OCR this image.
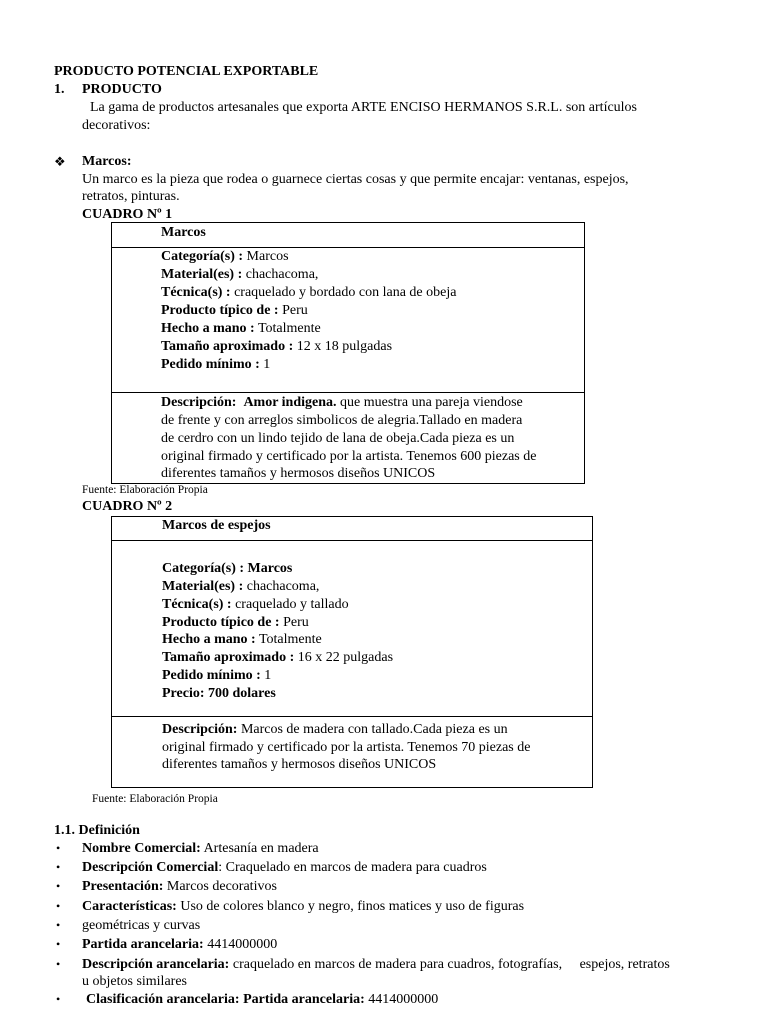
PRODUCTO POTENCIAL EXPORTABLE
1. PRODUCTO
La gama de productos artesanales que exporta ARTE ENCISO HERMANOS S.R.L. son artículos
decorativos:
❖ Marcos:
Un marco es la pieza que rodea o guarnece ciertas cosas y que permite encajar: ventanas, espejos,
retratos, pinturas.
CUADRO Nº 1
Marcos
Categoría(s) : Marcos
Material(es) : chachacoma,
Técnica(s) : craquelado y bordado con lana de obeja
Producto típico de : Peru
Hecho a mano : Totalmente
Tamaño aproximado : 12 x 18 pulgadas
Pedido mínimo : 1
Descripción: Amor indigena. que muestra una pareja viendose
de frente y con arreglos simbolicos de alegria.Tallado en madera
de cerdro con un lindo tejido de lana de obeja.Cada pieza es un
original firmado y certificado por la artista. Tenemos 600 piezas de
diferentes tamaños y hermosos diseños UNICOS
Fuente: Elaboración Propia
CUADRO Nº 2
Marcos de espejos
Categoría(s) : Marcos
Material(es) : chachacoma,
Técnica(s) : craquelado y tallado
Producto típico de : Peru
Hecho a mano : Totalmente
Tamaño aproximado : 16 x 22 pulgadas
Pedido mínimo : 1
Precio: 700 dolares
Descripción: Marcos de madera con tallado.Cada pieza es un
original firmado y certificado por la artista. Tenemos 70 piezas de
diferentes tamaños y hermosos diseños UNICOS
Fuente: Elaboración Propia
1.1. Definición
• Nombre Comercial: Artesanía en madera
• Descripción Comercial: Craquelado en marcos de madera para cuadros
• Presentación: Marcos decorativos
• Características: Uso de colores blanco y negro, finos matices y uso de figuras
• geométricas y curvas
• Partida arancelaria: 4414000000
• Descripción arancelaria: craquelado en marcos de madera para cuadros, fotografías,     espejos, retratos
u objetos similares
• Clasificación arancelaria: Partida arancelaria: 4414000000
